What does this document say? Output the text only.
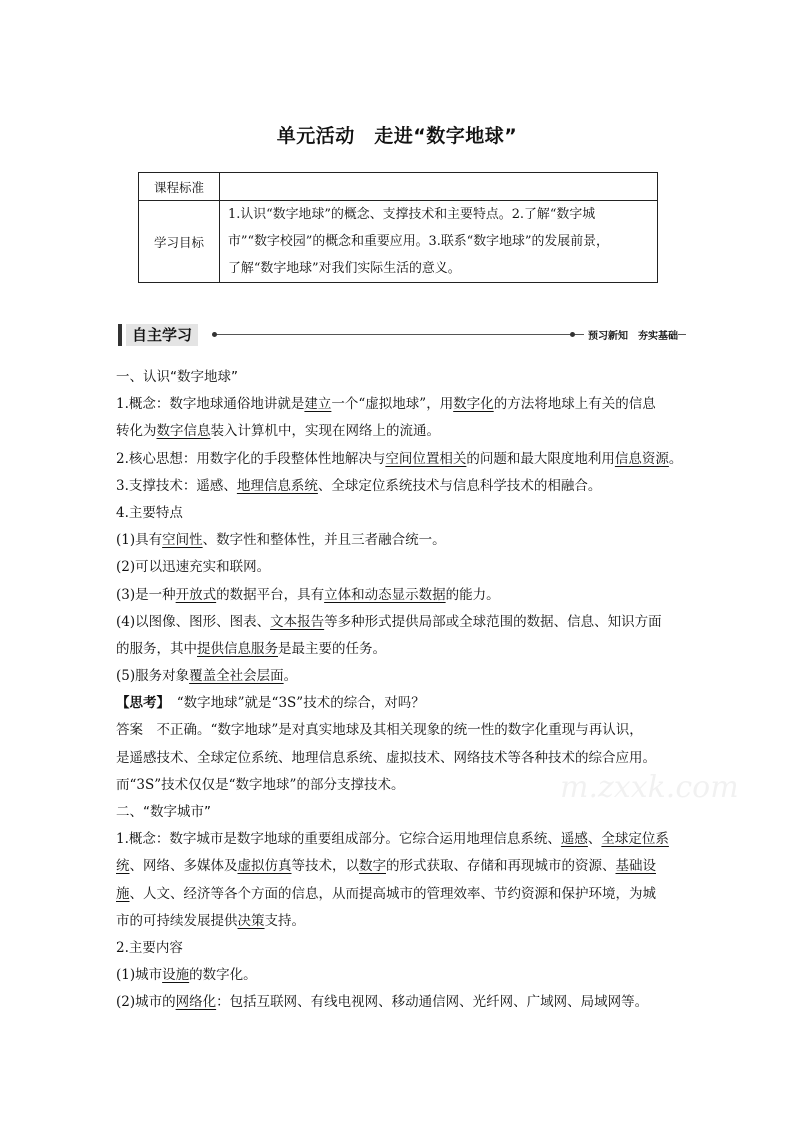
单元活动　走进“数字地球”
课程标准	
学习目标	1.认识“数字地球”的概念、支撑技术和主要特点。2.了解“数字城
市”“数字校园”的概念和重要应用。3.联系“数字地球”的发展前景，
了解“数字地球”对我们实际生活的意义。
自主学习	预习新知　夯实基础
一、认识“数字地球”
1.概念：数字地球通俗地讲就是建立一个“虚拟地球”，用数字化的方法将地球上有关的信息
转化为数字信息装入计算机中，实现在网络上的流通。
2.核心思想：用数字化的手段整体性地解决与空间位置相关的问题和最大限度地利用信息资源。
3.支撑技术：遥感、地理信息系统、全球定位系统技术与信息科学技术的相融合。
4.主要特点
(1)具有空间性、数字性和整体性，并且三者融合统一。
(2)可以迅速充实和联网。
(3)是一种开放式的数据平台，具有立体和动态显示数据的能力。
(4)以图像、图形、图表、文本报告等多种形式提供局部或全球范围的数据、信息、知识方面
的服务，其中提供信息服务是最主要的任务。
(5)服务对象覆盖全社会层面。
【思考】　“数字地球”就是“3S”技术的综合，对吗？
答案　不正确。“数字地球”是对真实地球及其相关现象的统一性的数字化重现与再认识，
是遥感技术、全球定位系统、地理信息系统、虚拟技术、网络技术等各种技术的综合应用。
而“3S”技术仅仅是“数字地球”的部分支撑技术。
二、“数字城市”
1.概念：数字城市是数字地球的重要组成部分。它综合运用地理信息系统、遥感、全球定位系
统、网络、多媒体及虚拟仿真等技术，以数字的形式获取、存储和再现城市的资源、基础设
施、人文、经济等各个方面的信息，从而提高城市的管理效率、节约资源和保护环境，为城
市的可持续发展提供决策支持。
2.主要内容
(1)城市设施的数字化。
(2)城市的网络化：包括互联网、有线电视网、移动通信网、光纤网、广域网、局域网等。
m.zxxk.com
